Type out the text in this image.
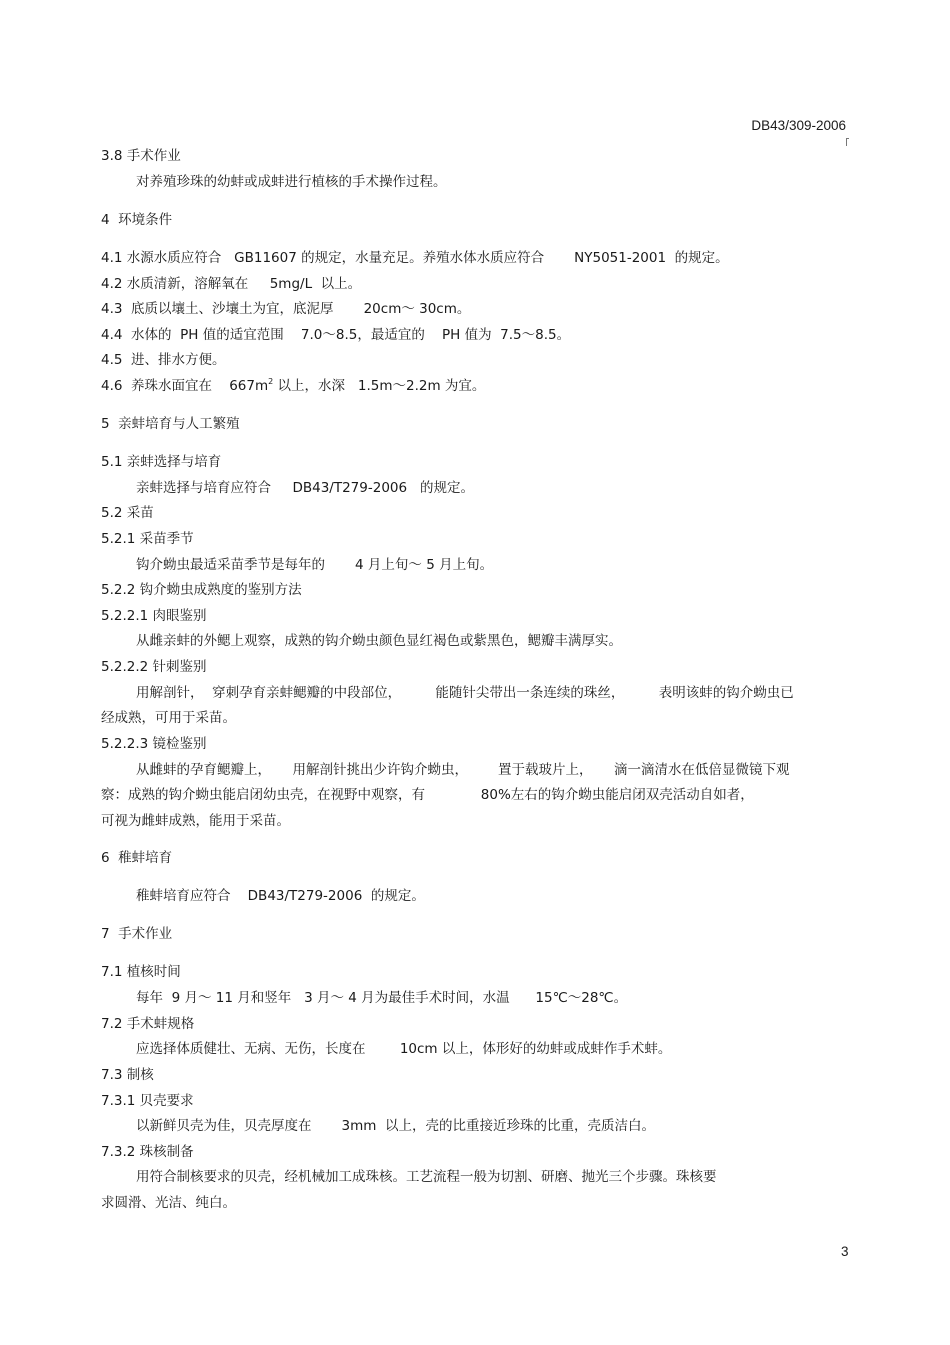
DB43/309-2006
3.8 手术作业
对养殖珍珠的幼蚌或成蚌进行植核的手术操作过程。
4  环境条件
4.1 水源水质应符合   GB11607 的规定，水量充足。养殖水体水质应符合       NY5051-2001  的规定。
4.2 水质清新，溶解氧在     5mg/L  以上。
4.3  底质以壤土、沙壤土为宜，底泥厚       20cm～ 30cm。
4.4  水体的  PH 值的适宜范围    7.0～8.5，最适宜的    PH 值为  7.5～8.5。
4.5  进、排水方便。
4.6  养珠水面宜在    $667m^2$ 以上，水深   1.5m～2.2m 为宜。
5  亲蚌培育与人工繁殖
5.1 亲蚌选择与培育
亲蚌选择与培育应符合     DB43/T279-2006   的规定。
5.2 采苗
5.2.1 采苗季节
钩介蚴虫最适采苗季节是每年的       4 月上旬～ 5 月上旬。
5.2.2 钩介蚴虫成熟度的鉴别方法
5.2.2.1 肉眼鉴别
从雌亲蚌的外鳃上观察，成熟的钩介蚴虫颜色显红褐色或紫黑色，鳃瓣丰满厚实。
5.2.2.2 针刺鉴别
用解剖针，  穿刺孕育亲蚌鳃瓣的中段部位，        能随针尖带出一条连续的珠丝，        表明该蚌的钩介蚴虫已
经成熟，可用于采苗。
5.2.2.3 镜检鉴别
从雌蚌的孕育鳃瓣上，     用解剖针挑出少许钩介蚴虫，       置于载玻片上，     滴一滴清水在低倍显微镜下观
察：成熟的钩介蚴虫能启闭幼虫壳，在视野中观察，有             80%左右的钩介蚴虫能启闭双壳活动自如者，
可视为雌蚌成熟，能用于采苗。
6  稚蚌培育
稚蚌培育应符合    DB43/T279-2006  的规定。
7  手术作业
7.1 植核时间
每年  9 月～ 11 月和竖年   3 月～ 4 月为最佳手术时间，水温      15℃～28℃。
7.2 手术蚌规格
应选择体质健壮、无病、无伤，长度在        10cm 以上，体形好的幼蚌或成蚌作手术蚌。
7.3 制核
7.3.1 贝壳要求
以新鲜贝壳为佳，贝壳厚度在       3mm  以上，壳的比重接近珍珠的比重，壳质洁白。
7.3.2 珠核制备
用符合制核要求的贝壳，经机械加工成珠核。工艺流程一般为切割、研磨、抛光三个步骤。珠核要
求圆滑、光洁、纯白。
3
